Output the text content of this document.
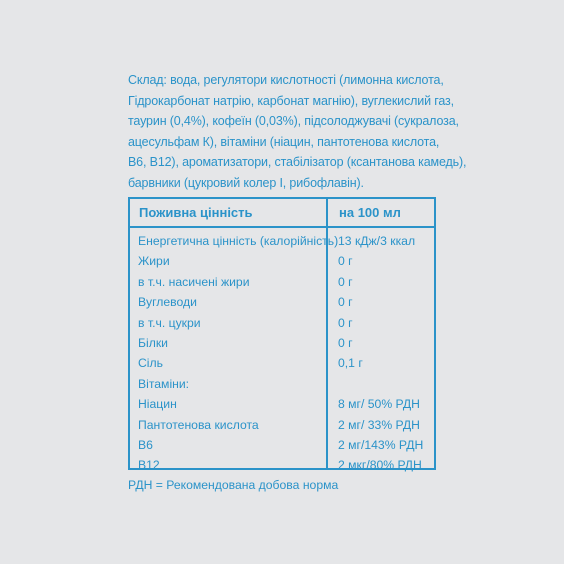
Склад: вода, регулятори кислотності (лимонна кислота,

Гідрокарбонат натрію, карбонат магнію), вуглекислий газ,

таурин (0,4%), кофеїн (0,03%), підсолоджувачі (сукралоза,

ацесульфам К), вітаміни (ніацин, пантотенова кислота,

B6, B12), ароматизатори, стабілізатор (ксантанова камедь),

барвники (цукровий колер I, рибофлавін).

Поживна цінність	на 100 мл
Енергетична цінність (калорійність) 13 кДж/3 ккал
Жири	0 г
в т.ч. насичені жири	0 г
Вуглеводи	0 г
в т.ч. цукри	0 г
Білки	0 г
Сіль	0,1 г
Вітаміни:
Ніацин	8 мг/ 50% РДН
Пантотенова кислота	2 мг/ 33% РДН
B6	2 мг/143% РДН
B12	2 мкг/80% РДН
РДН = Рекомендована добова норма
